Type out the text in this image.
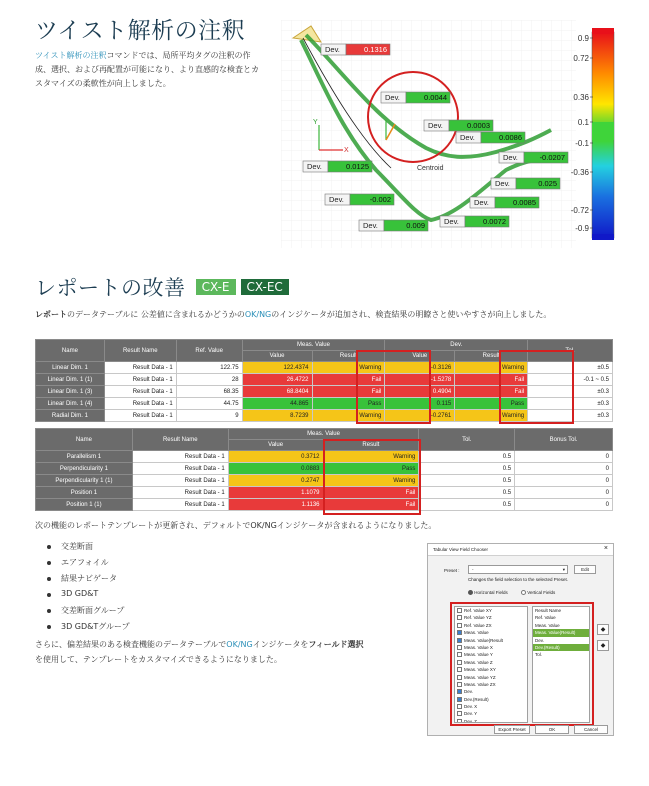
ツイスト解析の注釈
ツイスト解析の注釈コマンドでは、局所平均タグの注釈の作成、選択、および再配置が可能になり、より直感的な検査とカスタマイズの柔軟性が向上しました。
0.9
0.72
0.36
0.1
-0.1
-0.36
-0.72
-0.9
Dev.	0.1316
Dev.	0.0044
Dev.	0.0003
Dev.	0.0086
Dev.	-0.0207
Dev.	0.0125
Dev.	0.025
Dev.	-0.002	Dev.	0.0085
Dev.	0.009	Dev.	0.0072
Y
X
Centroid
レポートの改善 CX-E CX-EC
レポートのデータテーブルに 公差値に含まれるかどうかのOK/NGのインジケータが追加され、検査結果の明瞭さと使いやすさが向上しました。
Name	Result Name	Ref. Value	Meas. Value		Dev.		Tol.
			Value	Result	Value	Result	
Linear Dim. 1	Result Data - 1	122.75	122.4374	Warning	-0.3126	Warning	±0.5
Linear Dim. 1 (1)	Result Data - 1	28	26.4722	Fail	-1.5278	Fail	-0.1 ~ 0.5
Linear Dim. 1 (3)	Result Data - 1	68.35	68.8404	Fail	0.4904	Fail	±0.3
Linear Dim. 1 (4)	Result Data - 1	44.75	44.865	Pass	0.115	Pass	±0.3
Radial Dim. 1	Result Data - 1	9	8.7239	Warning	-0.2761	Warning	±0.3
Name	Result Name	Meas. Value		Tol.	Bonus Tol.
		Value	Result		
Parallelism 1	Result Data - 1	0.3712	Warning	0.5	0
Perpendicularity 1	Result Data - 1	0.0883	Pass	0.5	0
Perpendicularity 1 (1)	Result Data - 1	0.2747	Warning	0.5	0
Position 1	Result Data - 1	1.1079	Fail	0.5	0
Position 1 (1)	Result Data - 1	1.1136	Fail	0.5	0
次の機能のレポートテンプレートが更新され、デフォルトでOK/NGインジケータが含まれるようになりました。
交差断面
エアフォイル
結果ナビゲータ
3D GD&T
交差断面グループ
3D GD&Tグループ
さらに、偏差結果のある検査機能のデータテーブルでOK/NGインジケータをフィールド選択を使用して、テンプレートをカスタマイズできるようになりました。
Tabular View Field Chooser	×
Preset :	-	▾	Edit
Changes the field selection to the selected Preset.
Horizontal Fields	Vertical Fields
Ref. Value XY
Ref. Value YZ
Ref. Value ZX
Meas. Value
Meas. Value(Result
Meas. Value X
Meas. Value Y
Meas. Value Z
Meas. Value XY
Meas. Value YZ
Meas. Value ZX
Dev.
Dev.(Result)
Dev. X
Dev. Y
Dev. Z
Result Name
Ref. Value
Meas. Value
Meas. Value(Result)
Dev.
Dev.(Result)
Tol.
◆
◆
Export Preset	OK	Cancel
